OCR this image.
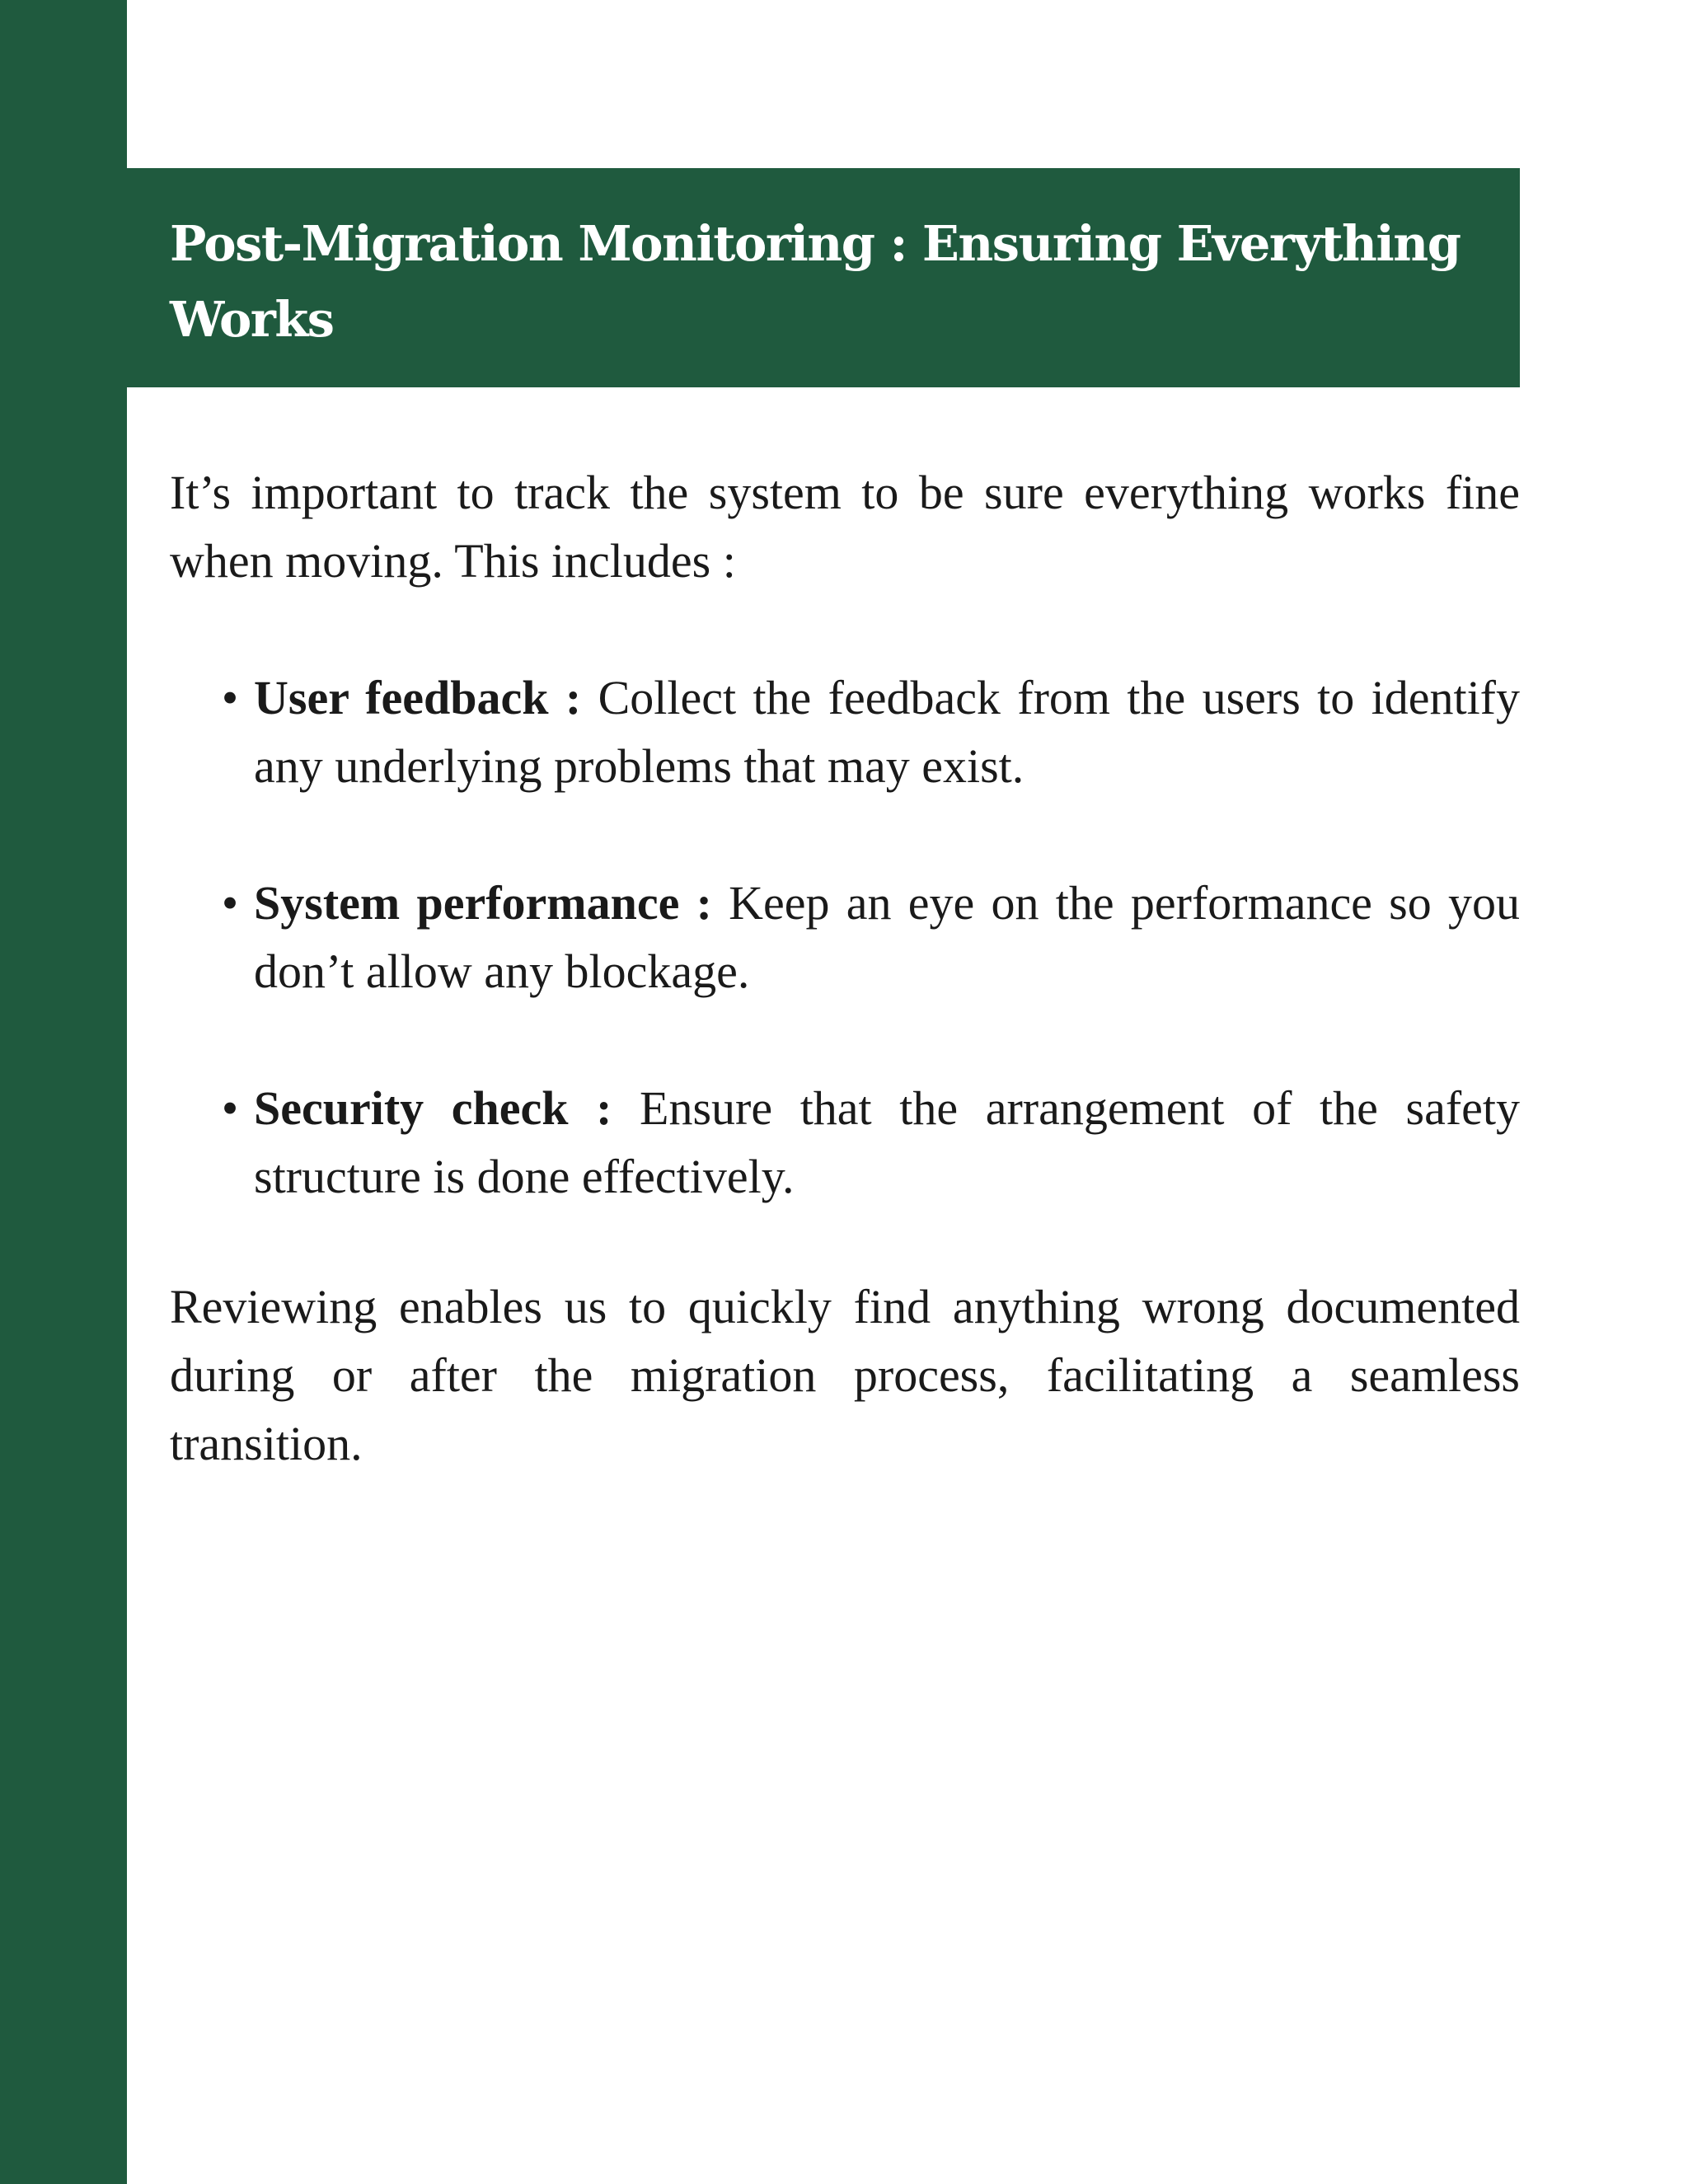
Post-Migration Monitoring : Ensuring Everything Works

It’s important to track the system to be sure everything works fine when moving. This includes :

• User feedback : Collect the feedback from the users to identify any underlying problems that may exist.
• System performance : Keep an eye on the performance so you don’t allow any blockage.
• Security check : Ensure that the arrangement of the safety structure is done effectively.

Reviewing enables us to quickly find anything wrong documented during or after the migration process, facilitating a seamless transition.
